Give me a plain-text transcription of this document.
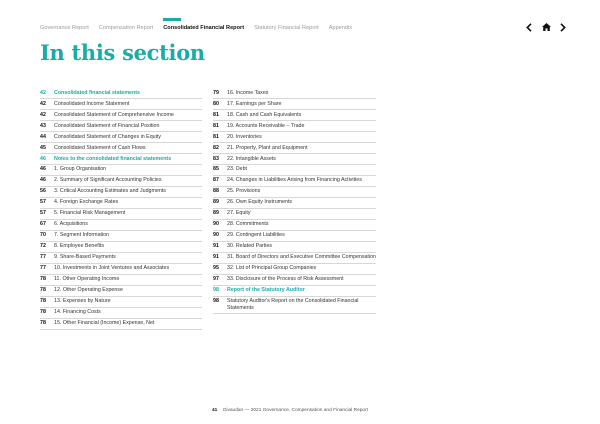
Governance Report Compensation Report Consolidated Financial Report Statutory Financial Report Appendix
In this section
42	Consolidated financial statements
42	Consolidated Income Statement
42	Consolidated Statement of Comprehensive Income
43	Consolidated Statement of Financial Position
44	Consolidated Statement of Changes in Equity
45	Consolidated Statement of Cash Flows
46	Notes to the consolidated financial statements
46	1. Group Organisation
46	2. Summary of Significant Accounting Policies
56	3. Critical Accounting Estimates and Judgments
57	4. Foreign Exchange Rates
57	5. Financial Risk Management
67	6. Acquisitions
70	7. Segment Information
72	8. Employee Benefits
77	9. Share-Based Payments
77	10. Investments in Joint Ventures and Associates
78	11. Other Operating Income
78	12. Other Operating Expense
78	13. Expenses by Nature
78	14. Financing Costs
78	15. Other Financial (Income) Expense, Net
79	16. Income Taxes
80	17. Earnings per Share
81	18. Cash and Cash Equivalents
81	19. Accounts Receivable – Trade
81	20. Inventories
82	21. Property, Plant and Equipment
83	22. Intangible Assets
85	23. Debt
87	24. Changes in Liabilities Arising from Financing Activities
88	25. Provisions
89	26. Own Equity Instruments
89	27. Equity
90	28. Commitments
90	29. Contingent Liabilities
91	30. Related Parties
91	31. Board of Directors and Executive Committee Compensation
95	32. List of Principal Group Companies
97	33. Disclosure of the Process of Risk Assessment
98	Report of the Statutory Auditor
98	Statutory Auditor's Report on the Consolidated Financial Statements
41 Givaudan — 2021 Governance, Compensation and Financial Report
